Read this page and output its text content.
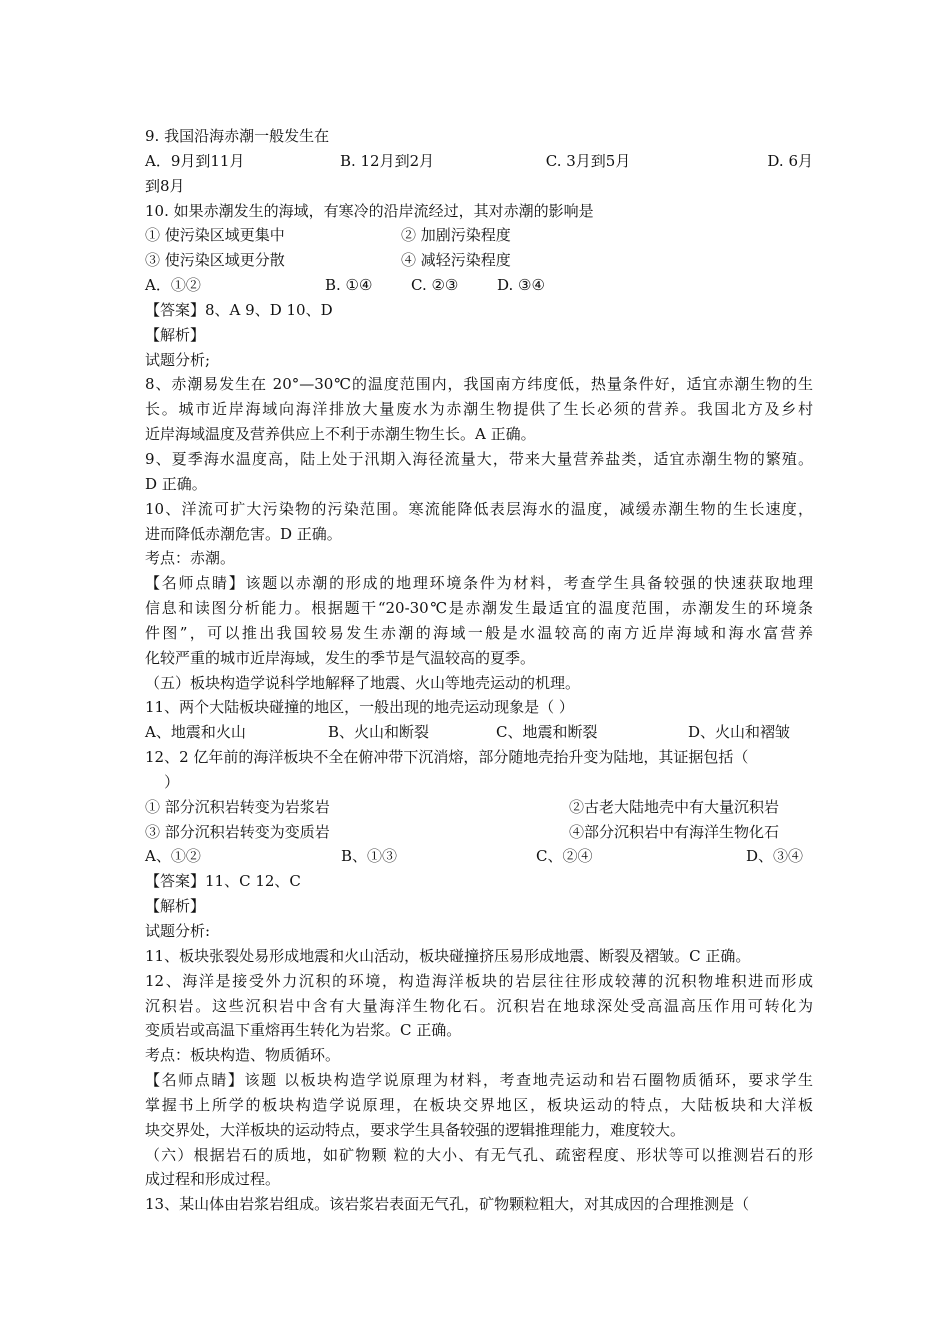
9. 我国沿海赤潮一般发生在
A．9月到11月	B. 12月到2月	C. 3月到5月	D. 6月
到8月
10. 如果赤潮发生的海域，有寒冷的沿岸流经过，其对赤潮的影响是
① 使污染区域更集中	② 加剧污染程度
③ 使污染区域更分散	④ 减轻污染程度
A．①②	B. ①④	C. ②③	D. ③④
【答案】8、A 9、D 10、D
【解析】
试题分析;
8、赤潮易发生在 20°—30℃的温度范围内，我国南方纬度低，热量条件好，适宜赤潮生物的生
长。城市近岸海域向海洋排放大量废水为赤潮生物提供了生长必须的营养。我国北方及乡村
近岸海域温度及营养供应上不利于赤潮生物生长。A 正确。
9、夏季海水温度高，陆上处于汛期入海径流量大，带来大量营养盐类，适宜赤潮生物的繁殖。
D 正确。
10、洋流可扩大污染物的污染范围。寒流能降低表层海水的温度，减缓赤潮生物的生长速度，
进而降低赤潮危害。D 正确。
考点：赤潮。
【名师点睛】该题以赤潮的形成的地理环境条件为材料，考查学生具备较强的快速获取地理
信息和读图分析能力。根据题干“20-30℃是赤潮发生最适宜的温度范围，赤潮发生的环境条
件图”，可以推出我国较易发生赤潮的海域一般是水温较高的南方近岸海域和海水富营养
化较严重的城市近岸海域，发生的季节是气温较高的夏季。
（五）板块构造学说科学地解释了地震、火山等地壳运动的机理。
11、两个大陆板块碰撞的地区，一般出现的地壳运动现象是（ ）
A、地震和火山	B、火山和断裂	C、地震和断裂	D、火山和褶皱
12、2 亿年前的海洋板块不全在俯冲带下沉消熔，部分随地壳抬升变为陆地，其证据包括（
）
① 部分沉积岩转变为岩浆岩	②古老大陆地壳中有大量沉积岩
③ 部分沉积岩转变为变质岩	④部分沉积岩中有海洋生物化石
A、①②	B、①③	C、②④	D、③④
【答案】11、C 12、C
【解析】
试题分析:
11、板块张裂处易形成地震和火山活动，板块碰撞挤压易形成地震、断裂及褶皱。C 正确。
12、海洋是接受外力沉积的环境，构造海洋板块的岩层往往形成较薄的沉积物堆积进而形成
沉积岩。这些沉积岩中含有大量海洋生物化石。沉积岩在地球深处受高温高压作用可转化为
变质岩或高温下重熔再生转化为岩浆。C 正确。
考点：板块构造、物质循环。
【名师点睛】该题 以板块构造学说原理为材料，考查地壳运动和岩石圈物质循环，要求学生
掌握书上所学的板块构造学说原理，在板块交界地区，板块运动的特点，大陆板块和大洋板
块交界处，大洋板块的运动特点，要求学生具备较强的逻辑推理能力，难度较大。
（六）根据岩石的质地，如矿物颗 粒的大小、有无气孔、疏密程度、形状等可以推测岩石的形
成过程和形成过程。
13、某山体由岩浆岩组成。该岩浆岩表面无气孔，矿物颗粒粗大，对其成因的合理推测是（
